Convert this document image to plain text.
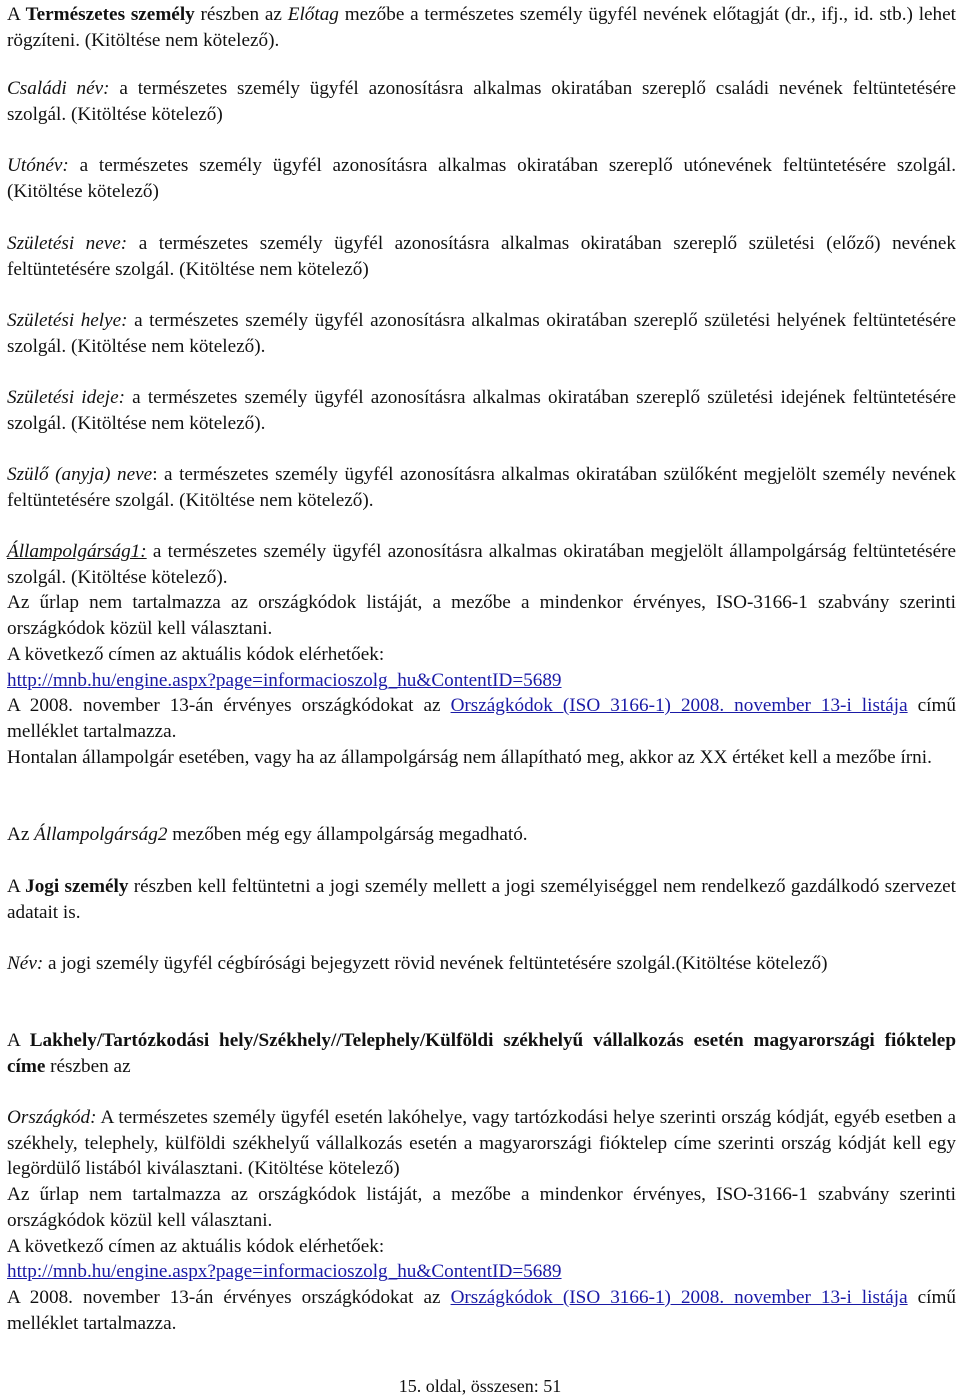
A Természetes személy részben az Előtag mezőbe a természetes személy ügyfél nevének előtagját (dr., ifj., id. stb.) lehet rögzíteni. (Kitöltése nem kötelező).

Családi név: a természetes személy ügyfél azonosításra alkalmas okiratában szereplő családi nevének feltüntetésére szolgál. (Kitöltése kötelező)

Utónév: a természetes személy ügyfél azonosításra alkalmas okiratában szereplő utónevének feltüntetésére szolgál. (Kitöltése kötelező)

Születési neve: a természetes személy ügyfél azonosításra alkalmas okiratában szereplő születési (előző) nevének feltüntetésére szolgál. (Kitöltése nem kötelező)

Születési helye: a természetes személy ügyfél azonosításra alkalmas okiratában szereplő születési helyének feltüntetésére szolgál. (Kitöltése nem kötelező).

Születési ideje: a természetes személy ügyfél azonosításra alkalmas okiratában szereplő születési idejének feltüntetésére szolgál. (Kitöltése nem kötelező).

Szülő (anyja) neve: a természetes személy ügyfél azonosításra alkalmas okiratában szülőként megjelölt személy nevének feltüntetésére szolgál. (Kitöltése nem kötelező).

Állampolgárság1: a természetes személy ügyfél azonosításra alkalmas okiratában megjelölt állampolgárság feltüntetésére szolgál. (Kitöltése kötelező).
Az űrlap nem tartalmazza az országkódok listáját, a mezőbe a mindenkor érvényes, ISO-3166-1 szabvány szerinti országkódok közül kell választani.
A következő címen az aktuális kódok elérhetőek:
http://mnb.hu/engine.aspx?page=informacioszolg_hu&ContentID=5689
A 2008. november 13-án érvényes országkódokat az Országkódok (ISO 3166-1) 2008. november 13-i listája című melléklet tartalmazza.
Hontalan állampolgár esetében, vagy ha az állampolgárság nem állapítható meg, akkor az XX értéket kell a mezőbe írni.

Az Állampolgárság2 mezőben még egy állampolgárság megadható.

A Jogi személy részben kell feltüntetni a jogi személy mellett a jogi személyiséggel nem rendelkező gazdálkodó szervezet adatait is.

Név: a jogi személy ügyfél cégbírósági bejegyzett rövid nevének feltüntetésére szolgál.(Kitöltése kötelező)

A Lakhely/Tartózkodási hely/Székhely//Telephely/Külföldi székhelyű vállalkozás esetén magyarországi fióktelep címe részben az

Országkód: A természetes személy ügyfél esetén lakóhelye, vagy tartózkodási helye szerinti ország kódját, egyéb esetben a székhely, telephely, külföldi székhelyű vállalkozás esetén a magyarországi fióktelep címe szerinti ország kódját kell egy legördülő listából kiválasztani. (Kitöltése kötelező)
Az űrlap nem tartalmazza az országkódok listáját, a mezőbe a mindenkor érvényes, ISO-3166-1 szabvány szerinti országkódok közül kell választani.
A következő címen az aktuális kódok elérhetőek:
http://mnb.hu/engine.aspx?page=informacioszolg_hu&ContentID=5689
A 2008. november 13-án érvényes országkódokat az Országkódok (ISO 3166-1) 2008. november 13-i listája című melléklet tartalmazza.

15. oldal, összesen: 51
